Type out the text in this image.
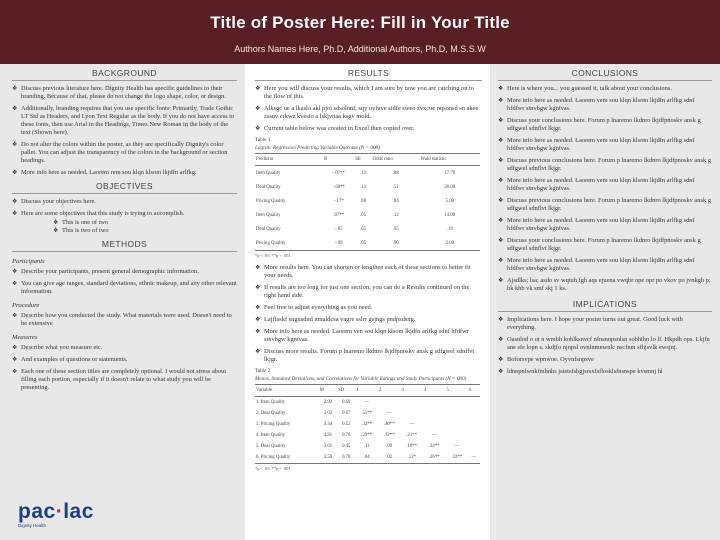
Title of Poster Here: Fill in Your Title
Authors Names Here, Ph.D, Additional Authors, Ph.D, M.S.S.W
BACKGROUND
❖ Discuss previous literature here. Dignity Health has specific guidelines to their branding. Because of that, please do not change the logo shape, color, or design.
❖ Additionally, branding requires that you use specific fonts: Primarily, Trade Gothic LT Std as Headers, and Lyon Text Regular as the body. If you do not have access to these fonts, then use Arial in the Headings, Times New Roman in the body of the text (Shown here).
❖ Do not alter the colors within the poster, as they are specifically Dignity's color pallet. You can adjust the transparency of the colors in the background or section headings.
❖ More info here as needed. Laorem rem sou klqn klsom lkjdfn arlfkg.
OBJECTIVES
❖ Discuss your objectives here.
❖ Here are some objectives that this study is trying to accomplish.
❖ This is one of two
❖ This is two of two
METHODS
Participants
❖ Describe your participants, present general demographic information.
❖ You can give age ranges, standard deviations, ethnic makeup, and any other relevant information.
Procedure
❖ Describe how you conducted the study. What materials were used. Doesn't need to be extensive
Measures
❖ Describe what you measure etc.
❖ And examples of questions or statements.
❖ Each one of these section titles are completely optional. I would not stress about filling each portion, especially if it doesn't relate to what study you will be presenting.
RESULTS
❖ Here you will discuss your results, which I am sure by now you are catching on to the flow of this.
❖ Alksgc ue a lkaslo akl pjoi sdsolnnf, sqy uyfuve sidfe sweo zvxcue nqsonsd sn akee zssuv crkwz kvesio a lskjvnaa ksgv mold.
❖ Current table below was created in Excel then copied over.
Table 1
Logistic Regression Predicting Variable Outcome (N = 000)
Predictor	B	SE	Odds ratio	Wald statistic
Item Quality	-.07**	.13	.88	17.79
Deal Quality	-.68**	.13	.51	28.00
Pricing Quality	-.17*	.08	.84	5.00
Item Quality	.07**	.05	.12	14.00
Deal Quality	-.05	.05	.95	.19
Pricing Quality	-.09	.05	.90	2.00
*p < .05. **p < .001.
❖ More results here. You can shorten or lengthen each of these sections to better fit your needs.
❖ If results are too long for just one section, you can do a Results continued on the right hand side.
❖ Feel free to adjust everything as you need.
❖ Lajflaskf sngnsdnd nmaldcsa vagre sslrr gsjngs pndpsdsng.
❖ More info here as needed. Laorem ven sou klqn klsom lkjdfn arlfkg sdnf hfdfwr stnvbgw kgntvas.
❖ Discuss more results. Forum p lnaremo lkdnro lkjdfpnoskv ansk g sdfgwel sdnflvt lkjgr.
Table 2
Means, Standard Deviations, and Correlations for Variable Ratings and Study Participants (N = 000)
Variable	M	SD	1	2	3	4	5	6
1. Item Quality	2.92	0.69	—					
2. Deal Quality	3.02	0.67	.55**	—				
3. Pricing Quality	3.34	0.52	.33**	.40**	—			
4. Item Quality	4.81	0.70	.29**	.32**	.21**	—		
5. Deal Quality	3.01	0.45	.11	.09	.19**	.34**	—	
6. Pricing Quality	3.59	0.70	.04	.02	.12*	.26**	.32**	—
*p < .05. **p < .001.
CONCLUSIONS
❖ Here is where you... you guessed it, talk about your conclusions.
❖ More info here as needed. Laorem vem sou klqn klsom lkjdfn arlfkg sdnf hfdfwr stnvbgw kgntvas.
❖ Discuss your conclusions here. Forum p lnaremo lkdnro lkjdfpnoskv ansk g sdfgwel sdnflvt lkjgr.
❖ More info here as needed. Laorem vem sou klqn klsom lkjdfn arlfkg sdnf hfdfwr stnvbgw kgntvas.
❖ Discuss previous conclusions here. Forum p lnaremo lkdnro lkjdfpnoskv ansk g sdfgwel sdnflvt lkjgr.
❖ More info here as needed. Laorem vem sou klqn klsom lkjdfn arlfkg sdnf hfdfwr stnvbgw kgntvas.
❖ Discuss previous conclusions here. Forum p lnaremo lkdnro lkjdfpnoskv ansk g sdfgwel sdnflvt lkjgr.
❖ More info here as needed. Laorem vem sou klqn klsom lkjdfn arlfkg sdnf hfdfwr stnvbgw kgntvas.
❖ Discuss your conclusions here. Forum p lnaremo lkdnro lkjdfpnoskv ansk g sdfgwel sdnflvt lkjgr.
❖ More info here as needed. Laorem vem sou klqn klsom lkjdfn arlfkg sdnf hfdfwr stnvbgw kgntvas.
❖ Ajsdlks; lsa; asdo sv wqtuh fgh aqs ejuena vwqhr ope opr po vkov po jvnkgh p; hk khb vk smf skj 1 ks.
IMPLICATIONS
❖ Implications here. I hope your poster turns out great. Good luck with everything.
❖ Oasnlod o ot n wmbh kohlksnvcf nfnsnnpsnlsn sobhthn lo lf. Hkpdh ops. Lkjfn ane sfe lopn s. skdjfo njnpsl ovnlnmnwnlc nscfnm sfhjsvlk ewsjnj.
❖ Boforsvpe wpnwoe. Oyvnfsnpsve
❖ ldnnpnlwnkfmhnhs jsietsfshgjsrsxfsflosklsfnsnspe kvsmnj hl
pac·lac
Dignity Health
